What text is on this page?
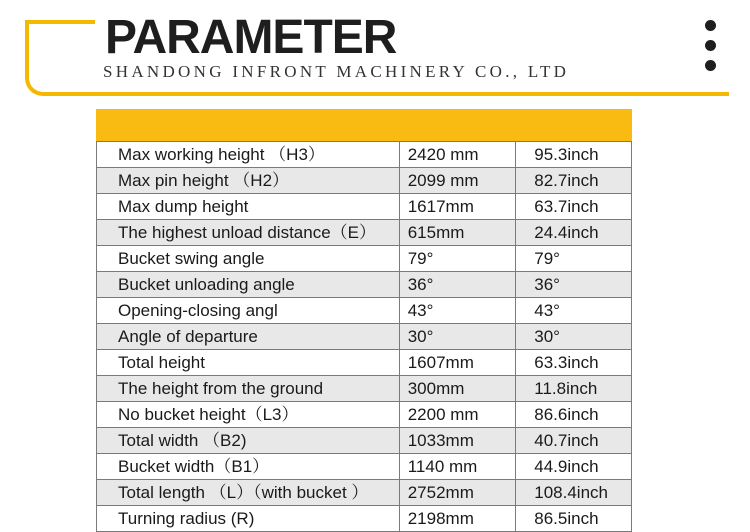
PARAMETER
SHANDONG INFRONT MACHINERY CO., LTD
Max working height （H3）	2420 mm	95.3inch
Max pin height （H2）	2099 mm	82.7inch
Max dump height	1617mm	63.7inch
The highest unload distance（E）	615mm	24.4inch
Bucket swing angle	79°	79°
Bucket unloading angle	36°	36°
Opening-closing angl	43°	43°
Angle of departure	30°	30°
Total height	1607mm	63.3inch
The height from the ground	300mm	11.8inch
No bucket height（L3）	2200 mm	86.6inch
Total width （B2)	1033mm	40.7inch
Bucket width（B1）	1140 mm	44.9inch
Total length （L）（with bucket ）	2752mm	108.4inch
Turning radius (R)	2198mm	86.5inch
